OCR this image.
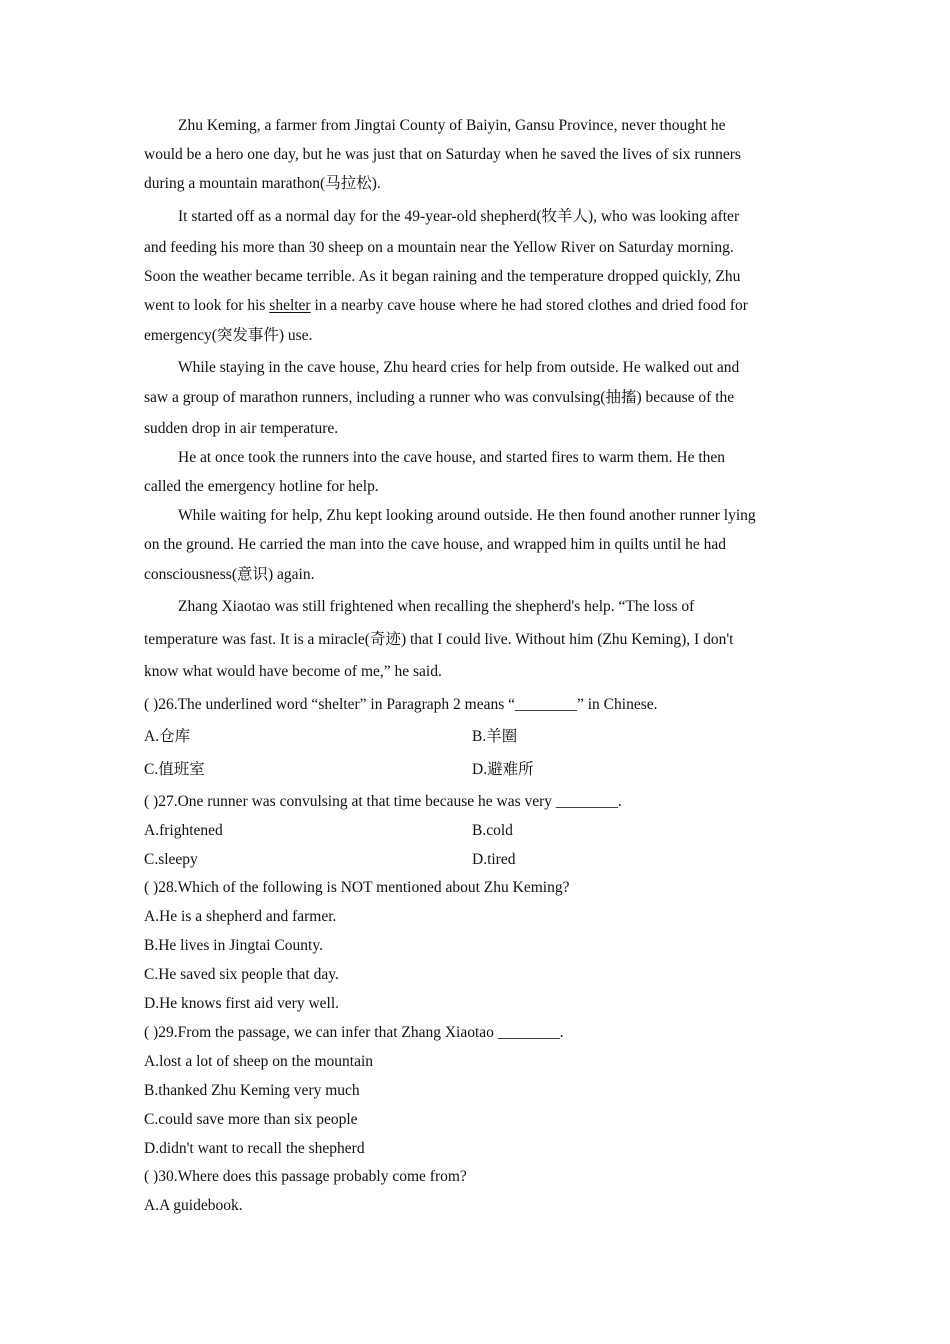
Zhu Keming, a farmer from Jingtai County of Baiyin, Gansu Province, never thought he
would be a hero one day, but he was just that on Saturday when he saved the lives of six runners
during a mountain marathon(马拉松).
It started off as a normal day for the 49-year-old shepherd(牧羊人), who was looking after
and feeding his more than 30 sheep on a mountain near the Yellow River on Saturday morning.
Soon the weather became terrible. As it began raining and the temperature dropped quickly, Zhu
went to look for his shelter in a nearby cave house where he had stored clothes and dried food for
emergency(突发事件) use.
While staying in the cave house, Zhu heard cries for help from outside. He walked out and
saw a group of marathon runners, including a runner who was convulsing(抽搐) because of the
sudden drop in air temperature.
He at once took the runners into the cave house, and started fires to warm them. He then
called the emergency hotline for help.
While waiting for help, Zhu kept looking around outside. He then found another runner lying
on the ground. He carried the man into the cave house, and wrapped him in quilts until he had
consciousness(意识) again.
Zhang Xiaotao was still frightened when recalling the shepherd's help. “The loss of
temperature was fast. It is a miracle(奇迹) that I could live. Without him (Zhu Keming), I don't
know what would have become of me,” he said.
( )26.The underlined word “shelter” in Paragraph 2 means “________” in Chinese.
A.仓库	B.羊圈
C.值班室	D.避难所
( )27.One runner was convulsing at that time because he was very ________.
A.frightened	B.cold
C.sleepy	D.tired
( )28.Which of the following is NOT mentioned about Zhu Keming?
A.He is a shepherd and farmer.
B.He lives in Jingtai County.
C.He saved six people that day.
D.He knows first aid very well.
( )29.From the passage, we can infer that Zhang Xiaotao ________.
A.lost a lot of sheep on the mountain
B.thanked Zhu Keming very much
C.could save more than six people
D.didn't want to recall the shepherd
( )30.Where does this passage probably come from?
A.A guidebook.
